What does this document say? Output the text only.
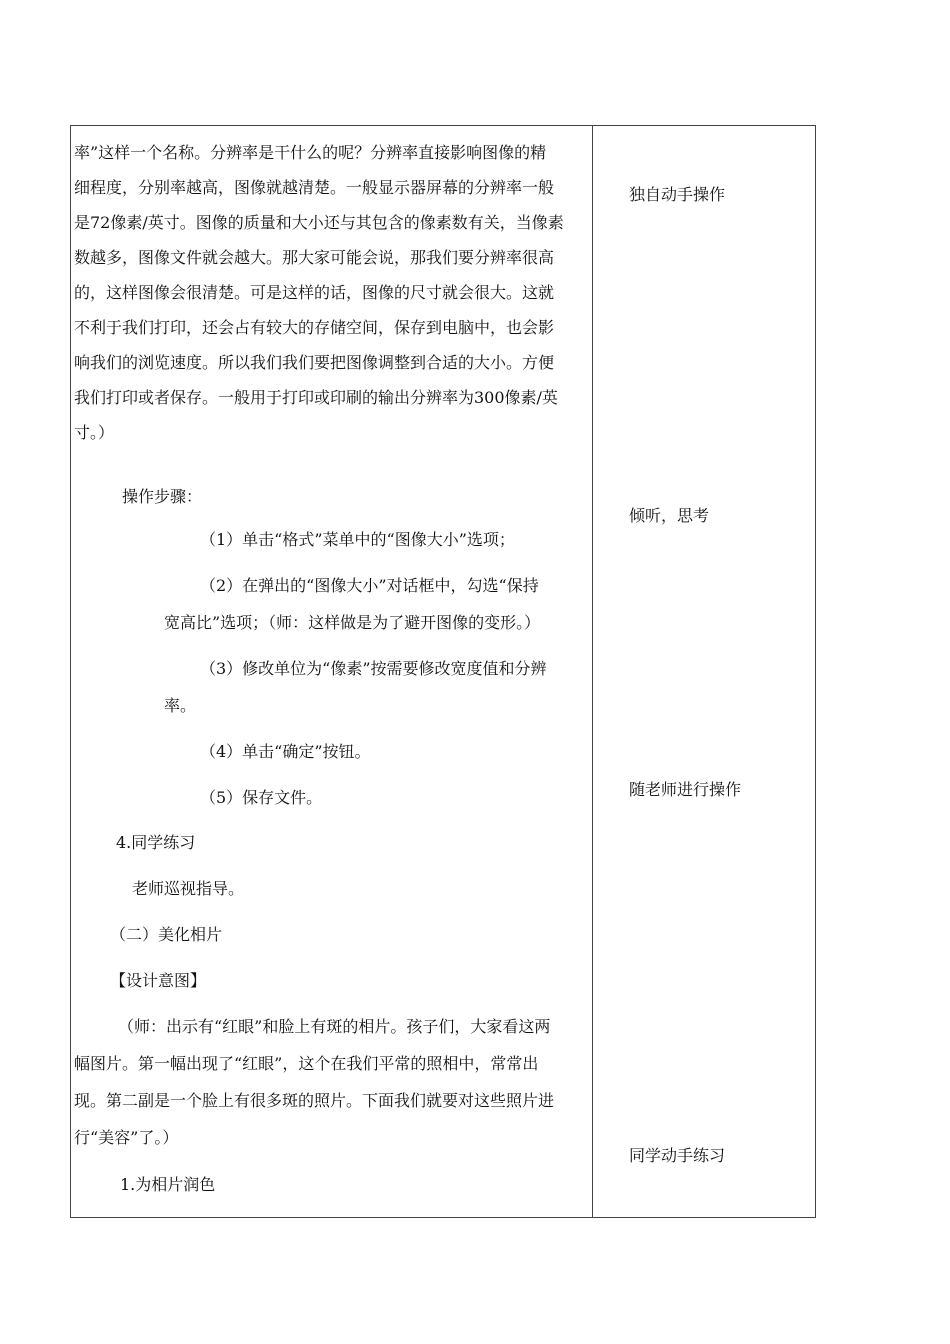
率”这样一个名称。分辨率是干什么的呢？分辨率直接影响图像的精
细程度，分别率越高，图像就越清楚。一般显示器屏幕的分辨率一般
是72像素/英寸。图像的质量和大小还与其包含的像素数有关，当像素
数越多，图像文件就会越大。那大家可能会说，那我们要分辨率很高
的，这样图像会很清楚。可是这样的话，图像的尺寸就会很大。这就
不利于我们打印，还会占有较大的存储空间，保存到电脑中，也会影
响我们的浏览速度。所以我们我们要把图像调整到合适的大小。方便
我们打印或者保存。一般用于打印或印刷的输出分辨率为300像素/英
寸。）
操作步骤：
（1）单击“格式”菜单中的“图像大小”选项；
（2）在弹出的“图像大小”对话框中，勾选“保持
宽高比”选项；（师：这样做是为了避开图像的变形。）
（3）修改单位为“像素”按需要修改宽度值和分辨
率。
（4）单击“确定”按钮。
（5）保存文件。
4.同学练习
老师巡视指导。
（二）美化相片
【设计意图】
（师：出示有“红眼”和脸上有斑的相片。孩子们，大家看这两
幅图片。第一幅出现了“红眼”，这个在我们平常的照相中，常常出
现。第二副是一个脸上有很多斑的照片。下面我们就要对这些照片进
行“美容”了。）
1.为相片润色
独自动手操作
倾听，思考
随老师进行操作
同学动手练习
